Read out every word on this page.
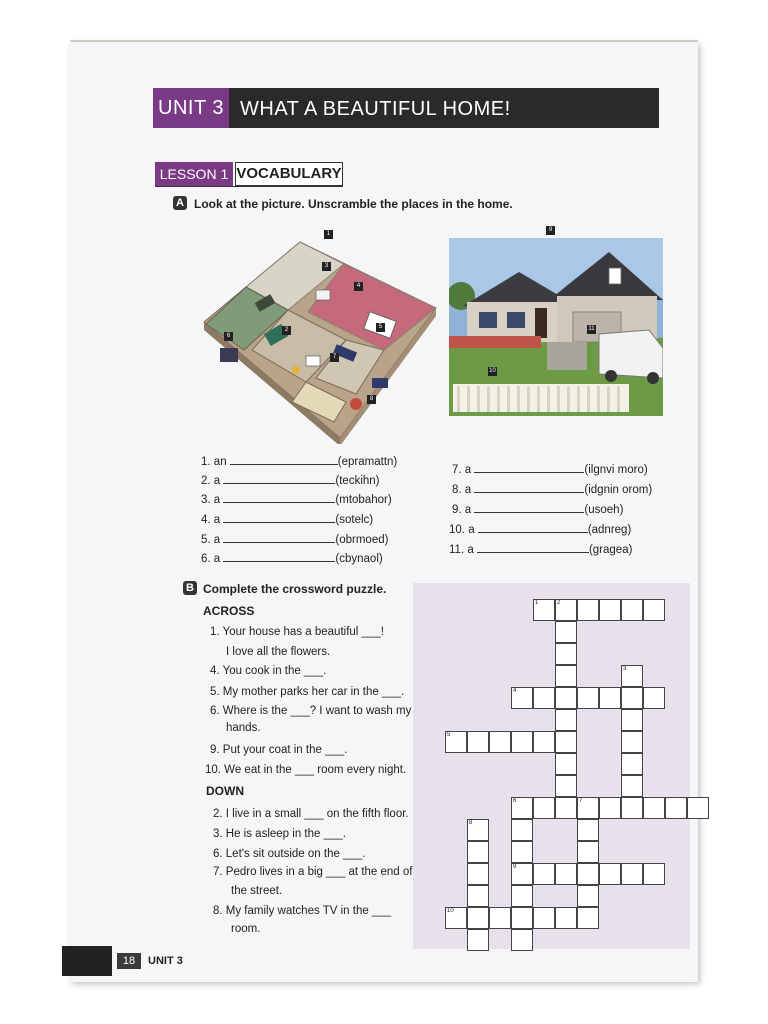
UNIT 3 WHAT A BEAUTIFUL HOME!
LESSON 1 VOCABULARY
A Look at the picture. Unscramble the places in the home.
1
3
5
7
6
8
2
4
9
10
11
1. an	(epramattn)
2. a	(teckihn)
3. a	(mtobahor)
4. a	(sotelc)
5. a	(obrmoed)
6. a	(cbynaol)
7. a	(ilgnvi moro)
8. a	(idgnin orom)
9. a	(usoeh)
10. a	(adnreg)
11. a	(gragea)
B Complete the crossword puzzle.
ACROSS
1. Your house has a beautiful ___!
I love all the flowers.
4. You cook in the ___.
5. My mother parks her car in the ___.
6. Where is the ___? I want to wash my
hands.
9. Put your coat in the ___.
10. We eat in the ___ room every night.
DOWN
2. I live in a small ___ on the fifth floor.
3. He is asleep in the ___.
6. Let's sit outside on the ___.
7. Pedro lives in a big ___ at the end of
the street.
8. My family watches TV in the ___
room.
1	2
3
4
5
6	7
8
9
10
18	UNIT 3
